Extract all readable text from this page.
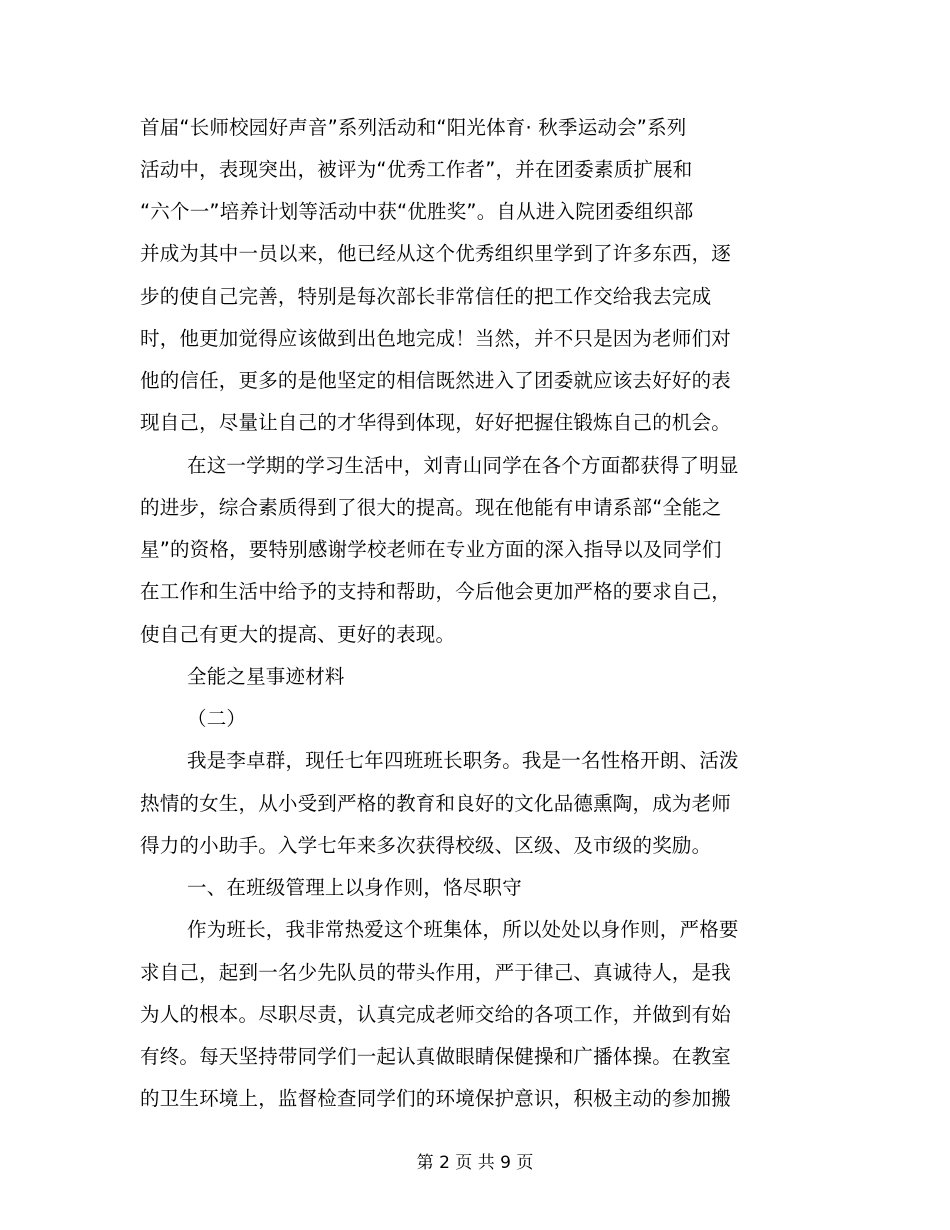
首届“长师校园好声音”系列活动和“阳光体育· 秋季运动会”系列
活动中，表现突出，被评为“优秀工作者”，并在团委素质扩展和
“六个一”培养计划等活动中获“优胜奖”。自从进入院团委组织部
并成为其中一员以来，他已经从这个优秀组织里学到了许多东西，逐
步的使自己完善，特别是每次部长非常信任的把工作交给我去完成
时，他更加觉得应该做到出色地完成！当然，并不只是因为老师们对
他的信任，更多的是他坚定的相信既然进入了团委就应该去好好的表
现自己，尽量让自己的才华得到体现，好好把握住锻炼自己的机会。
在这一学期的学习生活中，刘青山同学在各个方面都获得了明显
的进步，综合素质得到了很大的提高。现在他能有申请系部“全能之
星”的资格，要特别感谢学校老师在专业方面的深入指导以及同学们
在工作和生活中给予的支持和帮助，今后他会更加严格的要求自己，
使自己有更大的提高、更好的表现。
全能之星事迹材料
（二）
我是李卓群，现任七年四班班长职务。我是一名性格开朗、活泼
热情的女生，从小受到严格的教育和良好的文化品德熏陶，成为老师
得力的小助手。入学七年来多次获得校级、区级、及市级的奖励。
一、在班级管理上以身作则，恪尽职守
作为班长，我非常热爱这个班集体，所以处处以身作则，严格要
求自己，起到一名少先队员的带头作用，严于律己、真诚待人，是我
为人的根本。尽职尽责，认真完成老师交给的各项工作，并做到有始
有终。每天坚持带同学们一起认真做眼睛保健操和广播体操。在教室
的卫生环境上，监督检查同学们的环境保护意识，积极主动的参加搬
第 2 页 共 9 页
